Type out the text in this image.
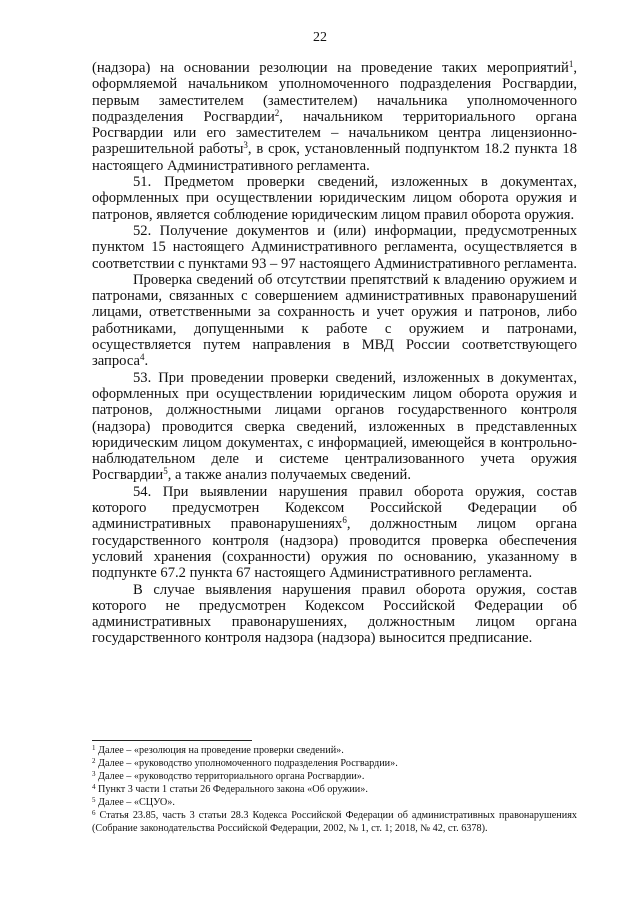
22

(надзора) на основании резолюции на проведение таких мероприятий$^1$, оформляемой начальником уполномоченного подразделения Росгвардии, первым заместителем (заместителем) начальника уполномоченного подразделения Росгвардии$^2$, начальником территориального органа Росгвардии или его заместителем – начальником центра лицензионно-разрешительной работы$^3$, в срок, установленный подпунктом 18.2 пункта 18 настоящего Административного регламента.

51. Предметом проверки сведений, изложенных в документах, оформленных при осуществлении юридическим лицом оборота оружия и патронов, является соблюдение юридическим лицом правил оборота оружия.

52. Получение документов и (или) информации, предусмотренных пунктом 15 настоящего Административного регламента, осуществляется в соответствии с пунктами 93 – 97 настоящего Административного регламента.

Проверка сведений об отсутствии препятствий к владению оружием и патронами, связанных с совершением административных правонарушений лицами, ответственными за сохранность и учет оружия и патронов, либо работниками, допущенными к работе с оружием и патронами, осуществляется путем направления в МВД России соответствующего запроса$^4$.

53. При проведении проверки сведений, изложенных в документах, оформленных при осуществлении юридическим лицом оборота оружия и патронов, должностными лицами органов государственного контроля (надзора) проводится сверка сведений, изложенных в представленных юридическим лицом документах, с информацией, имеющейся в контрольно-наблюдательном деле и системе централизованного учета оружия Росгвардии$^5$, а также анализ получаемых сведений.

54. При выявлении нарушения правил оборота оружия, состав которого предусмотрен Кодексом Российской Федерации об административных правонарушениях$^6$, должностным лицом органа государственного контроля (надзора) проводится проверка обеспечения условий хранения (сохранности) оружия по основанию, указанному в подпункте 67.2 пункта 67 настоящего Административного регламента.

В случае выявления нарушения правил оборота оружия, состав которого не предусмотрен Кодексом Российской Федерации об административных правонарушениях, должностным лицом органа государственного контроля надзора (надзора) выносится предписание.

$^1$ Далее – «резолюция на проведение проверки сведений».

$^2$ Далее – «руководство уполномоченного подразделения Росгвардии».

$^3$ Далее – «руководство территориального органа Росгвардии».

$^4$ Пункт 3 части 1 статьи 26 Федерального закона «Об оружии».

$^5$ Далее – «СЦУО».

$^6$ Статья 23.85, часть 3 статьи 28.3 Кодекса Российской Федерации об административных правонарушениях (Собрание законодательства Российской Федерации, 2002, № 1, ст. 1; 2018, № 42, ст. 6378).
